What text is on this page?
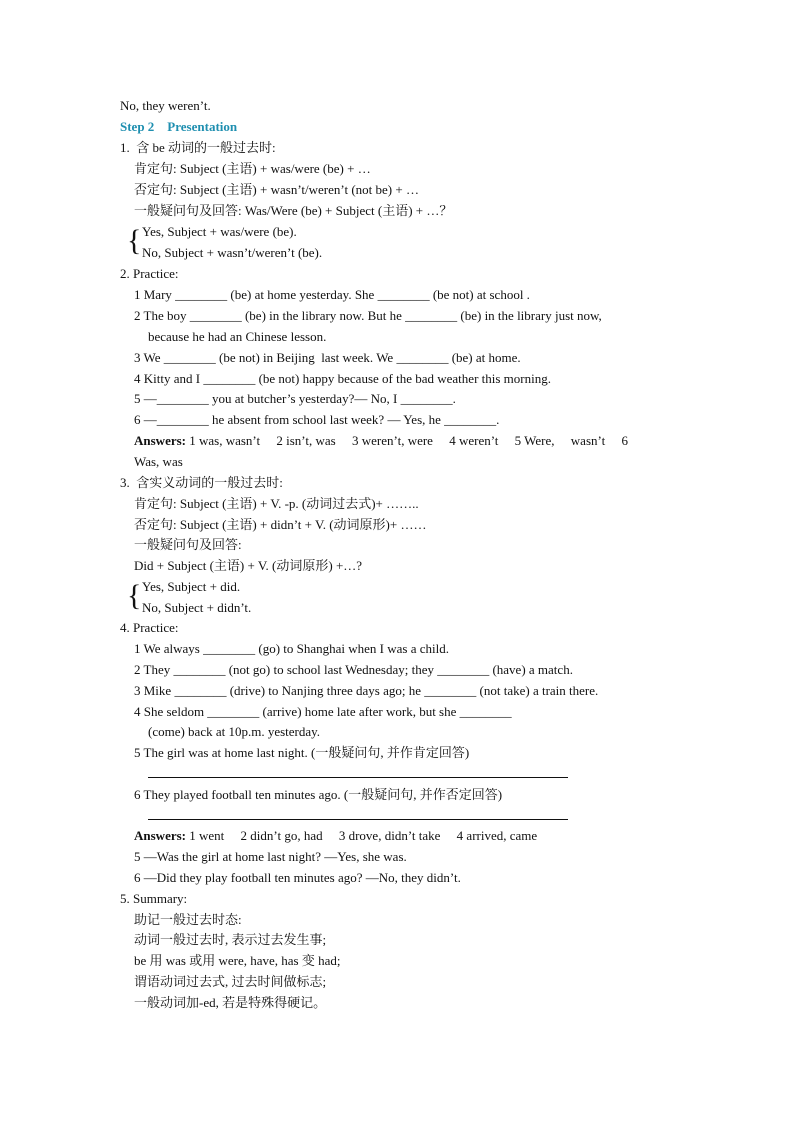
No, they weren’t.
Step 2    Presentation
1.  含 be 动词的一般过去时:
肯定句: Subject (主语) + was/were (be) + …
否定句: Subject (主语) + wasn’t/weren’t (not be) + …
一般疑问句及回答: Was/Were (be) + Subject (主语) + …？
{ Yes, Subject + was/were (be).
No, Subject + wasn’t/weren’t (be).
2. Practice:
1 Mary ________ (be) at home yesterday. She ________ (be not) at school .
2 The boy ________ (be) in the library now. But he ________ (be) in the library just now,
because he had an Chinese lesson.
3 We ________ (be not) in Beijing  last week. We ________ (be) at home.
4 Kitty and I ________ (be not) happy because of the bad weather this morning.
5 —________ you at butcher’s yesterday?— No, I ________.
6 —________ he absent from school last week? — Yes, he ________.
Answers: 1 was, wasn’t     2 isn’t, was     3 weren’t, were     4 weren’t     5 Were,     wasn’t     6
Was, was
3.  含实义动词的一般过去时:
肯定句: Subject (主语) + V. -p. (动词过去式)+ ……..
否定句: Subject (主语) + didn’t + V. (动词原形)+ ……
一般疑问句及回答:
Did + Subject (主语) + V. (动词原形) +…?
{ Yes, Subject + did.
No, Subject + didn’t.
4. Practice:
1 We always ________ (go) to Shanghai when I was a child.
2 They ________ (not go) to school last Wednesday; they ________ (have) a match.
3 Mike ________ (drive) to Nanjing three days ago; he ________ (not take) a train there.
4 She seldom ________ (arrive) home late after work, but she ________
(come) back at 10p.m. yesterday.
5 The girl was at home last night. (一般疑问句, 并作肯定回答)
6 They played football ten minutes ago. (一般疑问句, 并作否定回答)
Answers: 1 went     2 didn’t go, had     3 drove, didn’t take     4 arrived, came
5 —Was the girl at home last night? —Yes, she was.
6 —Did they play football ten minutes ago? —No, they didn’t.
5. Summary:
助记一般过去时态:
动词一般过去时, 表示过去发生事;
be 用 was 或用 were, have, has 变 had;
谓语动词过去式, 过去时间做标志;
一般动词加-ed, 若是特殊得硬记。
